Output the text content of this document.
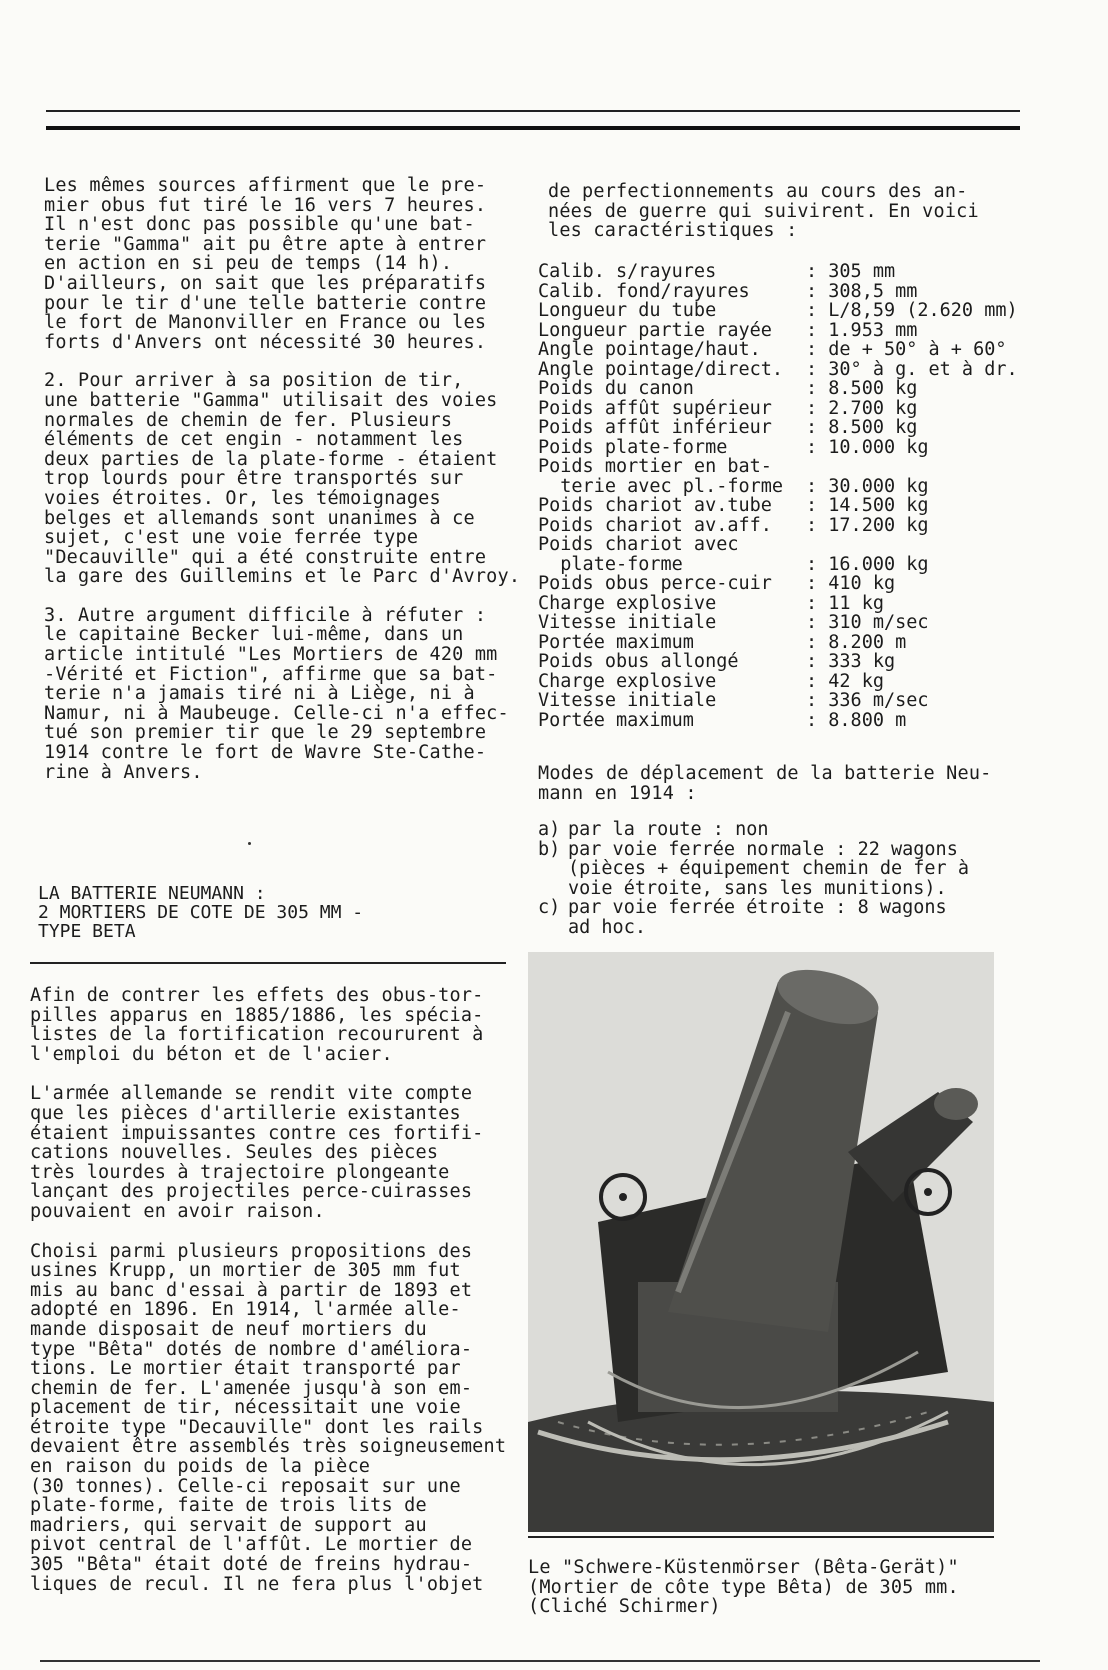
Les mêmes sources affirment que le pre-
mier obus fut tiré le 16 vers 7 heures.
Il n'est donc pas possible qu'une bat-
terie "Gamma" ait pu être apte à entrer
en action en si peu de temps (14 h).
D'ailleurs, on sait que les préparatifs
pour le tir d'une telle batterie contre
le fort de Manonviller en France ou les
forts d'Anvers ont nécessité 30 heures.

2. Pour arriver à sa position de tir,
une batterie "Gamma" utilisait des voies
normales de chemin de fer. Plusieurs
éléments de cet engin - notamment les
deux parties de la plate-forme - étaient
trop lourds pour être transportés sur
voies étroites. Or, les témoignages
belges et allemands sont unanimes à ce
sujet, c'est une voie ferrée type
"Decauville" qui a été construite entre
la gare des Guillemins et le Parc d'Avroy.

3. Autre argument difficile à réfuter :
le capitaine Becker lui-même, dans un
article intitulé "Les Mortiers de 420 mm
-Vérité et Fiction", affirme que sa bat-
terie n'a jamais tiré ni à Liège, ni à
Namur, ni à Maubeuge. Celle-ci n'a effec-
tué son premier tir que le 29 septembre
1914 contre le fort de Wavre Ste-Cathe-
rine à Anvers.

LA BATTERIE NEUMANN :
2 MORTIERS DE COTE DE 305 MM -
TYPE BETA

Afin de contrer les effets des obus-tor-
pilles apparus en 1885/1886, les spécia-
listes de la fortification recoururent à
l'emploi du béton et de l'acier.

L'armée allemande se rendit vite compte
que les pièces d'artillerie existantes
étaient impuissantes contre ces fortifi-
cations nouvelles. Seules des pièces
très lourdes à trajectoire plongeante
lançant des projectiles perce-cuirasses
pouvaient en avoir raison.

Choisi parmi plusieurs propositions des
usines Krupp, un mortier de 305 mm fut
mis au banc d'essai à partir de 1893 et
adopté en 1896. En 1914, l'armée alle-
mande disposait de neuf mortiers du
type "Bêta" dotés de nombre d'améliora-
tions. Le mortier était transporté par
chemin de fer. L'amenée jusqu'à son em-
placement de tir, nécessitait une voie
étroite type "Decauville" dont les rails
devaient être assemblés très soigneusement
en raison du poids de la pièce
(30 tonnes). Celle-ci reposait sur une
plate-forme, faite de trois lits de
madriers, qui servait de support au
pivot central de l'affût. Le mortier de
305 "Bêta" était doté de freins hydrau-
liques de recul. Il ne fera plus l'objet

de perfectionnements au cours des an-
nées de guerre qui suivirent. En voici
les caractéristiques :

Calib. s/rayures	: 305 mm
Calib. fond/rayures	: 308,5 mm
Longueur du tube	: L/8,59 (2.620 mm)
Longueur partie rayée	: 1.953 mm
Angle pointage/haut.	: de + 50° à + 60°
Angle pointage/direct.	: 30° à g. et à dr.
Poids du canon	: 8.500 kg
Poids affût supérieur	: 2.700 kg
Poids affût inférieur	: 8.500 kg
Poids plate-forme	: 10.000 kg
Poids mortier en bat-
terie avec pl.-forme	: 30.000 kg
Poids chariot av.tube	: 14.500 kg
Poids chariot av.aff.	: 17.200 kg
Poids chariot avec
plate-forme	: 16.000 kg
Poids obus perce-cuir	: 410 kg
Charge explosive	: 11 kg
Vitesse initiale	: 310 m/sec
Portée maximum	: 8.200 m
Poids obus allongé	: 333 kg
Charge explosive	: 42 kg
Vitesse initiale	: 336 m/sec
Portée maximum	: 8.800 m

Modes de déplacement de la batterie Neu-
mann en 1914 :

a) par la route : non
b) par voie ferrée normale : 22 wagons
(pièces + équipement chemin de fer à
voie étroite, sans les munitions).
c) par voie ferrée étroite : 8 wagons
ad hoc.

Le "Schwere-Küstenmörser (Bêta-Gerät)"
(Mortier de côte type Bêta) de 305 mm.
(Cliché Schirmer)
